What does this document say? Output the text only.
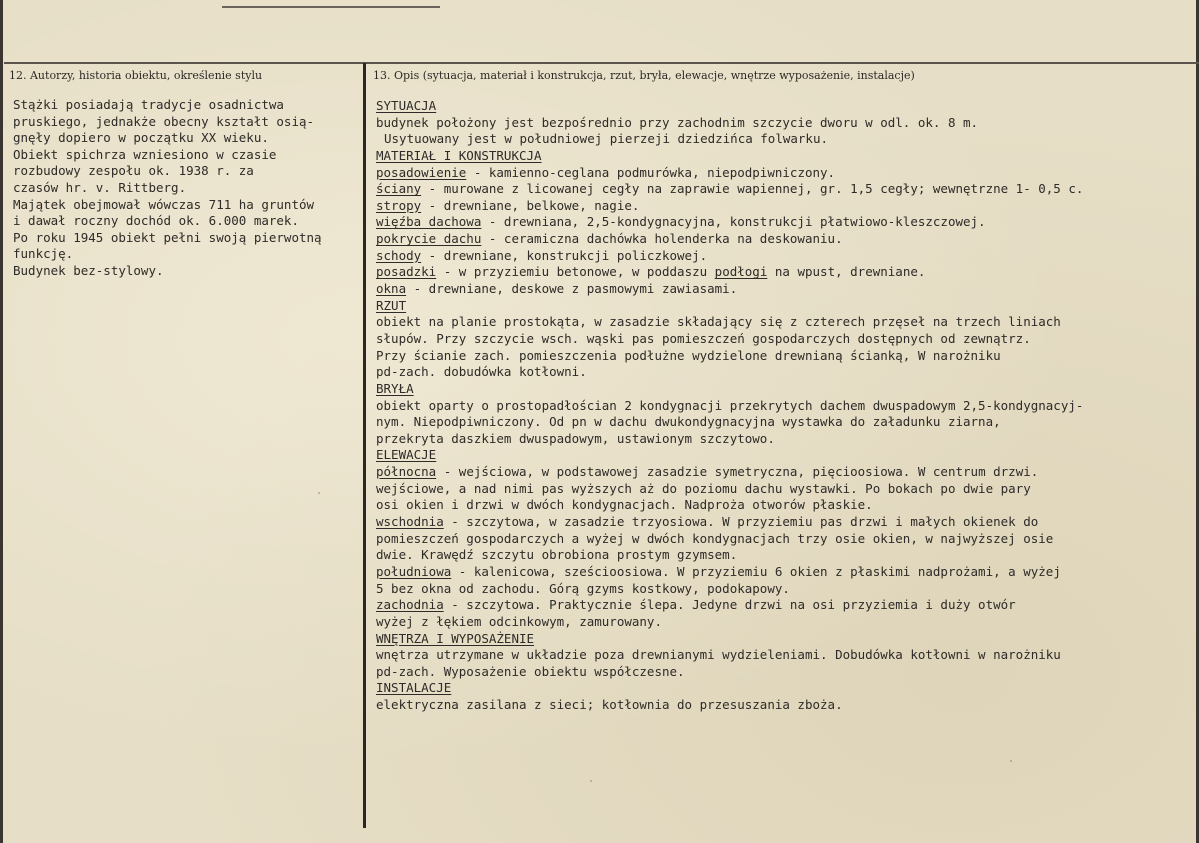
12. Autorzy, historia obiektu, określenie stylu	13. Opis (sytuacja, materiał i konstrukcja, rzut, bryła, elewacje, wnętrze wyposażenie, instalacje)
Stążki posiadają tradycje osadnictwa
pruskiego, jednakże obecny kształt osią-
gnęły dopiero w początku XX wieku.
Obiekt spichrza wzniesiono w czasie
rozbudowy zespołu ok. 1938 r. za
czasów hr. v. Rittberg.
Majątek obejmował wówczas 711 ha gruntów
i dawał roczny dochód ok. 6.000 marek.
Po roku 1945 obiekt pełni swoją pierwotną
funkcję.
Budynek bez-stylowy.
SYTUACJA
budynek położony jest bezpośrednio przy zachodnim szczycie dworu w odl. ok. 8 m.
Usytuowany jest w południowej pierzeji dziedzińca folwarku.
MATERIAŁ I KONSTRUKCJA
posadowienie - kamienno-ceglana podmurówka, niepodpiwniczony.
ściany - murowane z licowanej cegły na zaprawie wapiennej, gr. 1,5 cegły; wewnętrzne 1- 0,5 c.
stropy - drewniane, belkowe, nagie.
więźba dachowa - drewniana, 2,5-kondygnacyjna, konstrukcji płatwiowo-kleszczowej.
pokrycie dachu - ceramiczna dachówka holenderka na deskowaniu.
schody - drewniane, konstrukcji policzkowej.
posadzki - w przyziemiu betonowe, w poddaszu podłogi na wpust, drewniane.
okna - drewniane, deskowe z pasmowymi zawiasami.
RZUT
obiekt na planie prostokąta, w zasadzie składający się z czterech przęseł na trzech liniach
słupów. Przy szczycie wsch. wąski pas pomieszczeń gospodarczych dostępnych od zewnątrz.
Przy ścianie zach. pomieszczenia podłużne wydzielone drewnianą ścianką, W narożniku
pd-zach. dobudówka kotłowni.
BRYŁA
obiekt oparty o prostopadłościan 2 kondygnacji przekrytych dachem dwuspadowym 2,5-kondygnacyj-
nym. Niepodpiwniczony. Od pn w dachu dwukondygnacyjna wystawka do załadunku ziarna,
przekryta daszkiem dwuspadowym, ustawionym szczytowo.
ELEWACJE
północna - wejściowa, w podstawowej zasadzie symetryczna, pięcioosiowa. W centrum drzwi.
wejściowe, a nad nimi pas wyższych aż do poziomu dachu wystawki. Po bokach po dwie pary
osi okien i drzwi w dwóch kondygnacjach. Nadproża otworów płaskie.
wschodnia - szczytowa, w zasadzie trzyosiowa. W przyziemiu pas drzwi i małych okienek do
pomieszczeń gospodarczych a wyżej w dwóch kondygnacjach trzy osie okien, w najwyższej osie
dwie. Krawędź szczytu obrobiona prostym gzymsem.
południowa - kalenicowa, sześcioosiowa. W przyziemiu 6 okien z płaskimi nadprożami, a wyżej
5 bez okna od zachodu. Górą gzyms kostkowy, podokapowy.
zachodnia - szczytowa. Praktycznie ślepa. Jedyne drzwi na osi przyziemia i duży otwór
wyżej z łękiem odcinkowym, zamurowany.
WNĘTRZA I WYPOSAŻENIE
wnętrza utrzymane w układzie poza drewnianymi wydzieleniami. Dobudówka kotłowni w narożniku
pd-zach. Wyposażenie obiektu współczesne.
INSTALACJE
elektryczna zasilana z sieci; kotłownia do przesuszania zboża.
